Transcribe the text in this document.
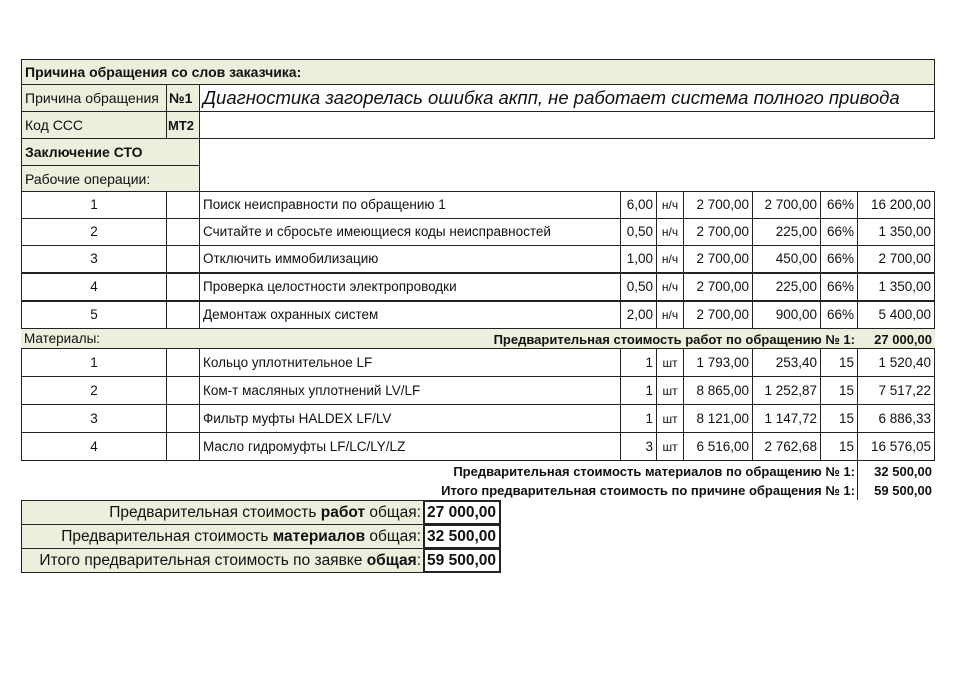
Причина обращения со слов заказчика:
Причина обращения №1 Диагностика загорелась ошибка акпп, не работает система полного привода
Код ССС	МТ2
Заключение СТО
Рабочие операции:
1	Поиск неисправности по обращению 1	6,00 н/ч	2 700,00	2 700,00 66%	16 200,00
2	Считайте и сбросьте имеющиеся коды неисправностей	0,50 н/ч	2 700,00	225,00 66%	1 350,00
3	Отключить иммобилизацию	1,00 н/ч	2 700,00	450,00 66%	2 700,00
4	Проверка целостности электропроводки	0,50 н/ч	2 700,00	225,00 66%	1 350,00
5	Демонтаж охранных систем	2,00 н/ч	2 700,00	900,00 66%	5 400,00
Материалы:	Предварительная стоимость работ по обращению № 1:	27 000,00
1	Кольцо уплотнительное LF	1 шт	1 793,00	253,40	15	1 520,40
2	Ком-т масляных уплотнений LV/LF	1 шт	8 865,00	1 252,87	15	7 517,22
3	Фильтр муфты HALDEX LF/LV	1 шт	8 121,00	1 147,72	15	6 886,33
4	Масло гидромуфты LF/LC/LY/LZ	3 шт	6 516,00	2 762,68	15	16 576,05
Предварительная стоимость материалов по обращению № 1:	32 500,00
Итого предварительная стоимость по причине обращения № 1:	59 500,00
Предварительная стоимость работ общая: 27 000,00
Предварительная стоимость материалов общая: 32 500,00
Итого предварительная стоимость по заявке общая : 59 500,00
